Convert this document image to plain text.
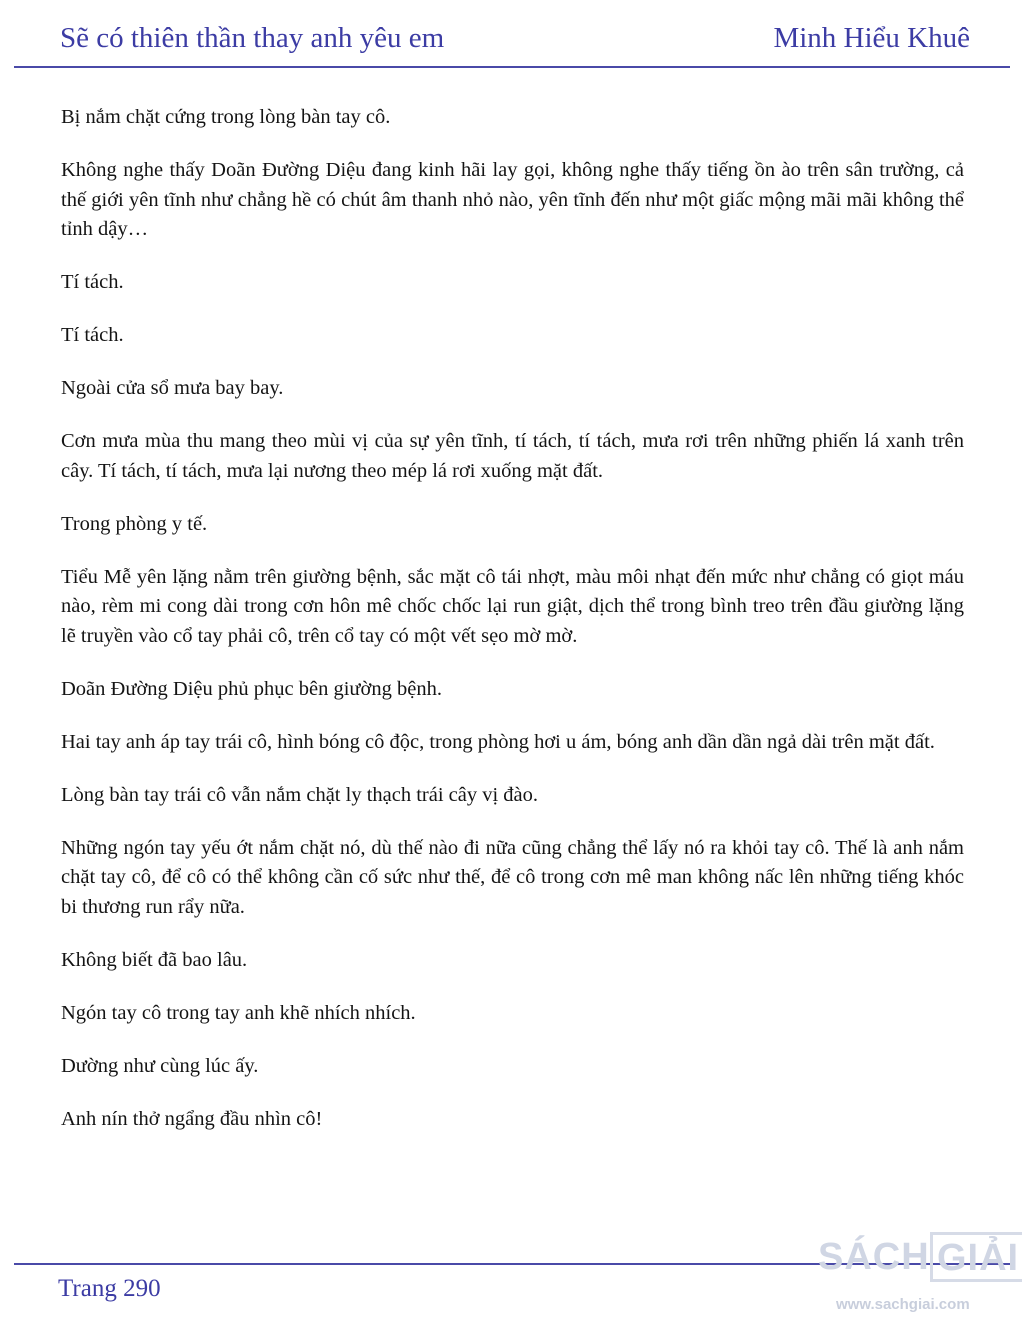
Sẽ có thiên thần thay anh yêu em	Minh Hiểu Khuê

Bị nắm chặt cứng trong lòng bàn tay cô.

Không nghe thấy Doãn Đường Diệu đang kinh hãi lay gọi, không nghe thấy tiếng ồn ào trên sân trường, cả thế giới yên tĩnh như chẳng hề có chút âm thanh nhỏ nào, yên tĩnh đến như một giấc mộng mãi mãi không thể tỉnh dậy…

Tí tách.

Tí tách.

Ngoài cửa sổ mưa bay bay.

Cơn mưa mùa thu mang theo mùi vị của sự yên tĩnh, tí tách, tí tách, mưa rơi trên những phiến lá xanh trên cây. Tí tách, tí tách, mưa lại nương theo mép lá rơi xuống mặt đất.

Trong phòng y tế.

Tiểu Mễ yên lặng nằm trên giường bệnh, sắc mặt cô tái nhợt, màu môi nhạt đến mức như chẳng có giọt máu nào, rèm mi cong dài trong cơn hôn mê chốc chốc lại run giật, dịch thể trong bình treo trên đầu giường lặng lẽ truyền vào cổ tay phải cô, trên cổ tay có một vết sẹo mờ mờ.

Doãn Đường Diệu phủ phục bên giường bệnh.

Hai tay anh áp tay trái cô, hình bóng cô độc, trong phòng hơi u ám, bóng anh dần dần ngả dài trên mặt đất.

Lòng bàn tay trái cô vẫn nắm chặt ly thạch trái cây vị đào.

Những ngón tay yếu ớt nắm chặt nó, dù thế nào đi nữa cũng chẳng thể lấy nó ra khỏi tay cô. Thế là anh nắm chặt tay cô, để cô có thể không cần cố sức như thế, để cô trong cơn mê man không nấc lên những tiếng khóc bi thương run rẩy nữa.

Không biết đã bao lâu.

Ngón tay cô trong tay anh khẽ nhích nhích.

Dường như cùng lúc ấy.

Anh nín thở ngẩng đầu nhìn cô!

Trang 290
SÁCH GIẢI
www.sachgiai.com
